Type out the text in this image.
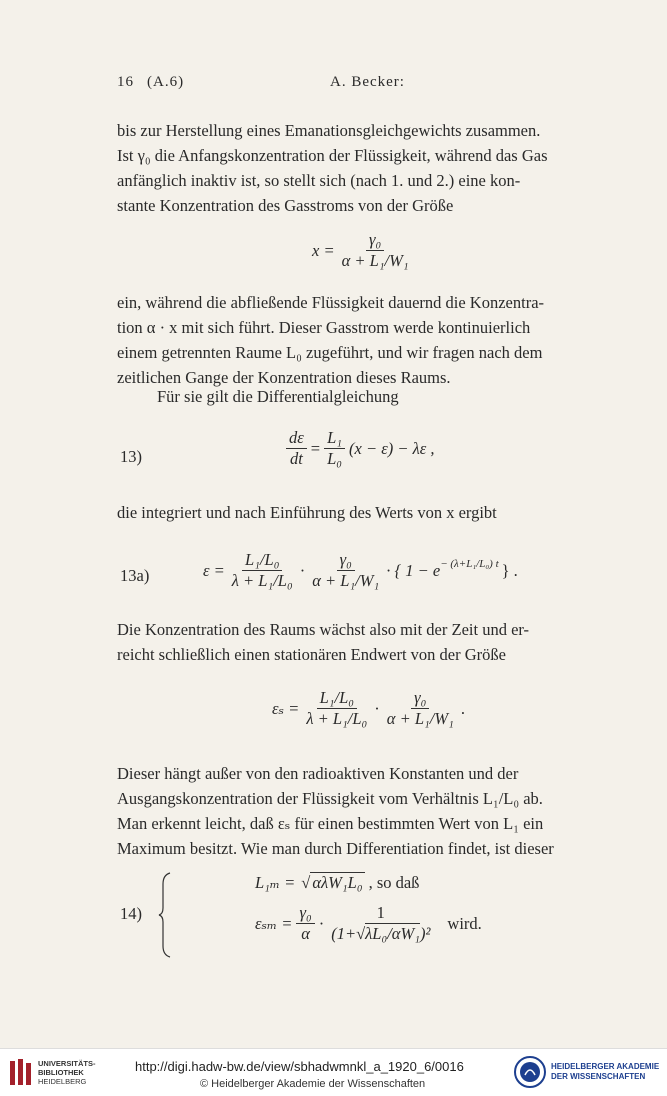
16 (A.6)	A. Becker:
bis zur Herstellung eines Emanationsgleichgewichts zusammen.
Ist γ₀ die Anfangskonzentration der Flüssigkeit, während das Gas
anfänglich inaktiv ist, so stellt sich (nach 1. und 2.) eine kon-
stante Konzentration des Gasstroms von der Größe
$x = \frac{\text{γ₀}}{\text{α + L₁/W₁}}$
ein, während die abfließende Flüssigkeit dauernd die Konzentra-
tion α · x mit sich führt. Dieser Gasstrom werde kontinuierlich
einem getrennten Raume L₀ zugeführt, und wir fragen nach dem
zeitlichen Gange der Konzentration dieses Raums.
Für sie gilt die Differentialgleichung
13)	$\frac{d\varepsilon}{dt} = \frac{\text{L₁}}{\text{L₀}} (x - \varepsilon) - \lambda\varepsilon$ ,
die integriert und nach Einführung des Werts von x ergibt
13a)	$\varepsilon = \frac{\text{L₁/L₀}}{\text{λ + L₁/L₀}} \cdot \frac{\text{γ₀}}{\text{α + L₁/W₁}}$ · { $1 - e^{- (\lambda+L_1/L_0) t}$ } .
Die Konzentration des Raums wächst also mit der Zeit und er-
reicht schließlich einen stationären Endwert von der Größe
$\varepsilon_s = \frac{\text{L₁/L₀}}{\text{λ + L₁/L₀}} \cdot \frac{\text{γ₀}}{\text{α + L₁/W₁}}$ .
Dieser hängt außer von den radioaktiven Konstanten und der
Ausgangskonzentration der Flüssigkeit vom Verhältnis L₁/L₀ ab.
Man erkennt leicht, daß εₛ für einen bestimmten Wert von L₁ ein
Maximum besitzt. Wie man durch Differentiation findet, ist dieser
14)
L₁ₘ = √ αλW₁L₀ , so daß
$\varepsilon_{sm} = \frac{\text{γ₀}}{\alpha} \cdot \frac{1}{\text{(1+√λL₀/αW₁)²}}$ wird.
UNIVERSITÄTS-
BIBLIOTHEK
HEIDELBERG
http://digi.hadw-bw.de/view/sbhadwmnkl_a_1920_6/0016
© Heidelberger Akademie der Wissenschaften
HEIDELBERGER AKADEMIE
DER WISSENSCHAFTEN
